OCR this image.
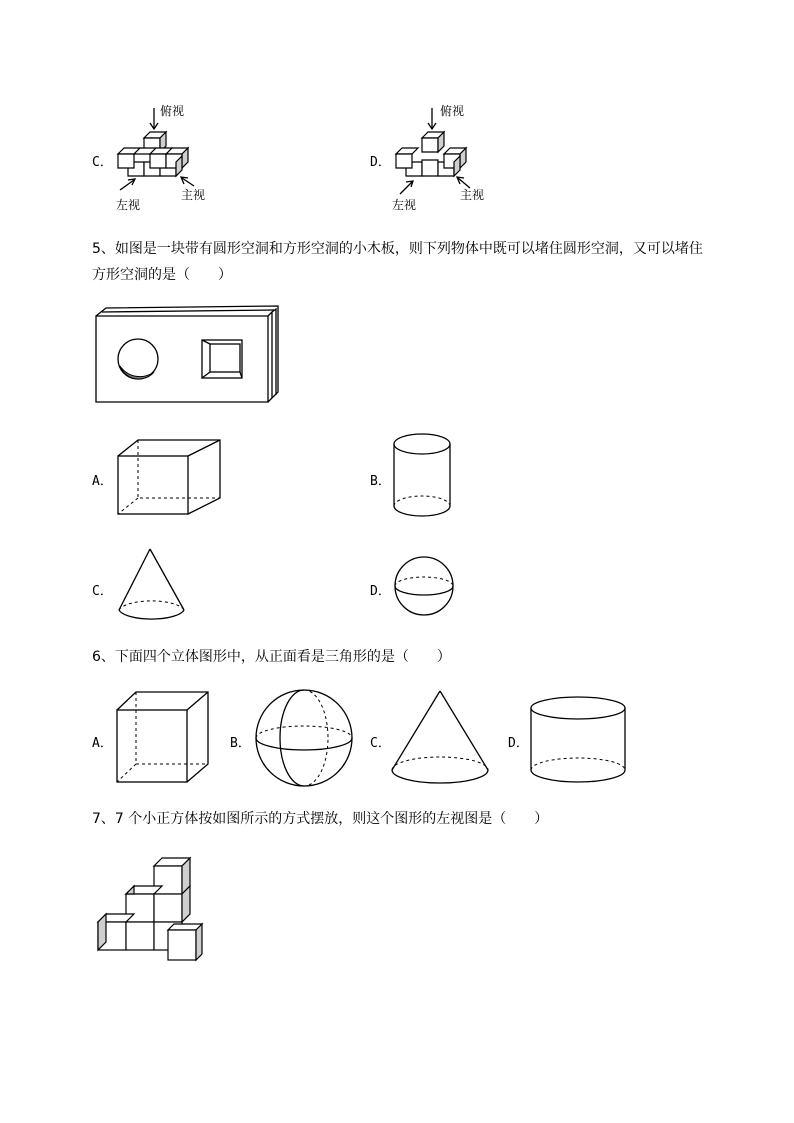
C．
俯视
主视
左视
D．
俯视
主视
左视
5、如图是一块带有圆形空洞和方形空洞的小木板，则下列物体中既可以堵住圆形空洞，又可以堵住
方形空洞的是（　　）
A．	B．
C．	D．
6、下面四个立体图形中，从正面看是三角形的是（　　）
A．	B．	C．	D．
7、7 个小正方体按如图所示的方式摆放，则这个图形的左视图是（　　）
